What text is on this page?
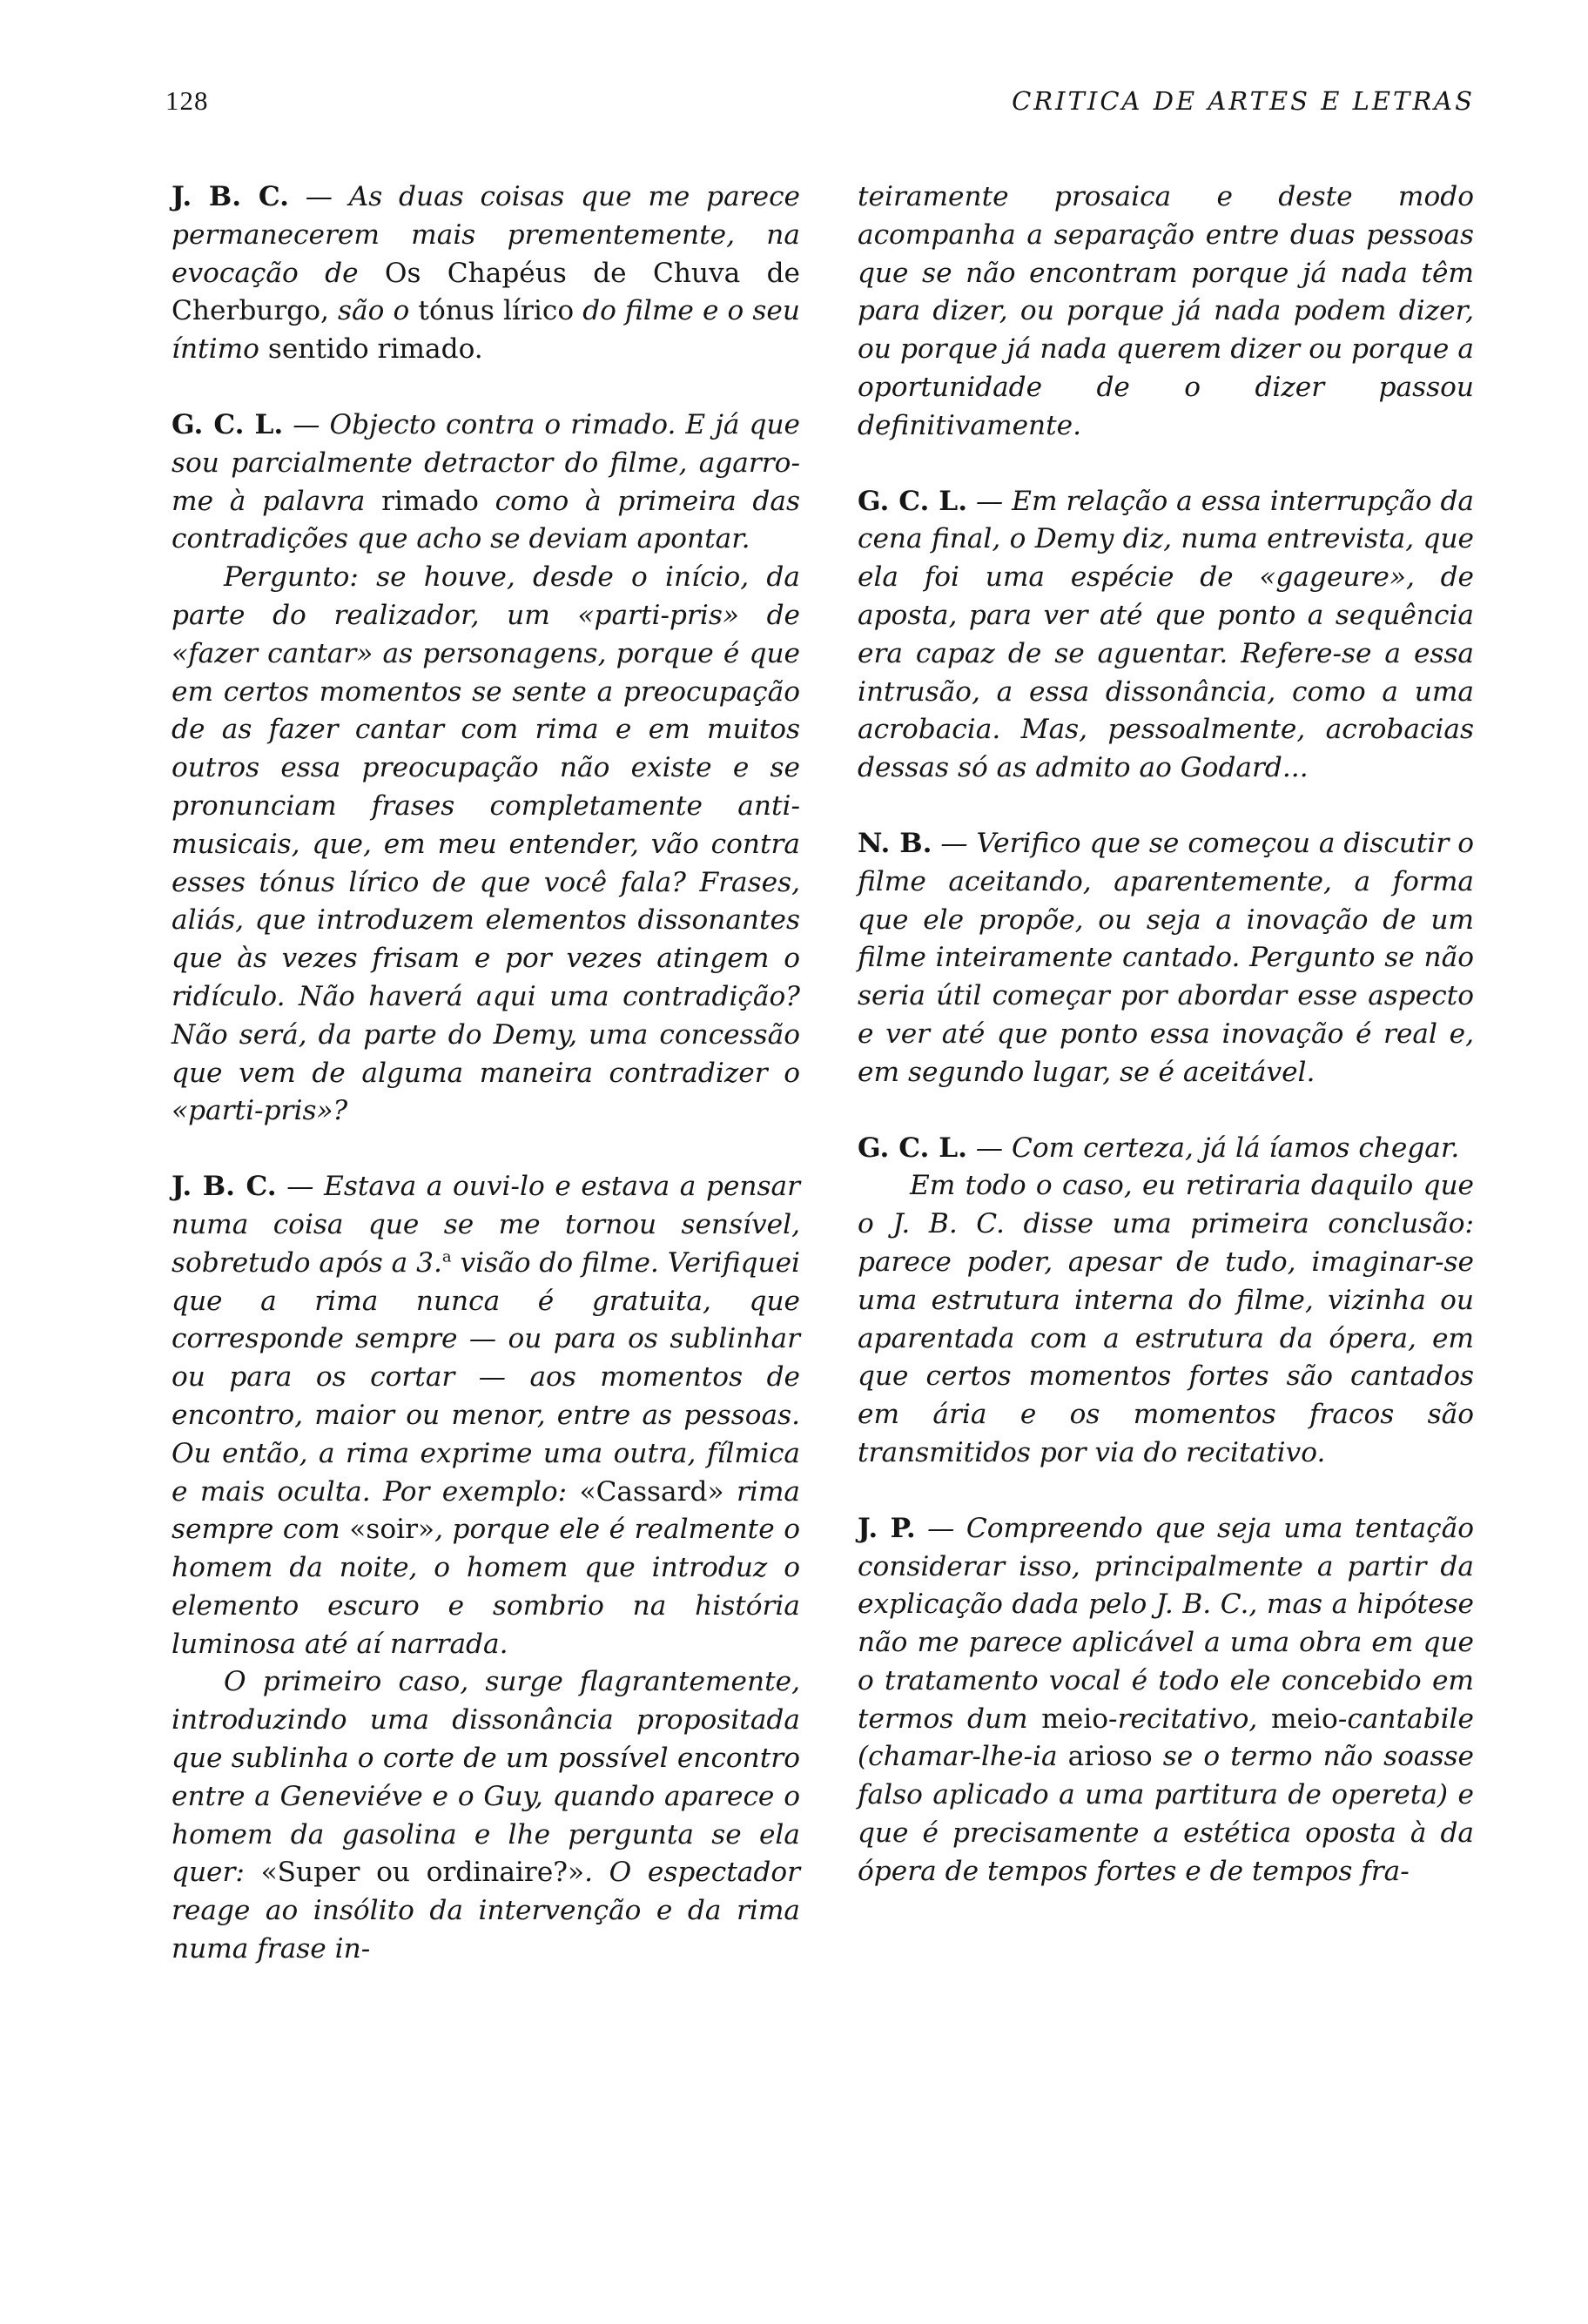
128	CRITICA DE ARTES E LETRAS

J. B. C. — As duas coisas que me parece permanecerem mais prementemente, na evocação de Os Chapéus de Chuva de Cherburgo, são o tónus lírico do filme e o seu íntimo sentido rimado.

G. C. L. — Objecto contra o rimado. E já que sou parcialmente detractor do filme, agarro-me à palavra rimado como à primeira das contradições que acho se deviam apontar.

Pergunto: se houve, desde o início, da parte do realizador, um «parti-pris» de «fazer cantar» as personagens, porque é que em certos momentos se sente a preocupação de as fazer cantar com rima e em muitos outros essa preocupação não existe e se pronunciam frases completamente anti-musicais, que, em meu entender, vão contra esses tónus lírico de que você fala? Frases, aliás, que introduzem elementos dissonantes que às vezes frisam e por vezes atingem o ridículo. Não haverá aqui uma contradição? Não será, da parte do Demy, uma concessão que vem de alguma maneira contradizer o «parti-pris»?

J. B. C. — Estava a ouvi-lo e estava a pensar numa coisa que se me tornou sensível, sobretudo após a 3.$^a$ visão do filme. Verifiquei que a rima nunca é gratuita, que corresponde sempre — ou para os sublinhar ou para os cortar — aos momentos de encontro, maior ou menor, entre as pessoas. Ou então, a rima exprime uma outra, fílmica e mais oculta. Por exemplo: «Cassard» rima sempre com «soir», porque ele é realmente o homem da noite, o homem que introduz o elemento escuro e sombrio na história luminosa até aí narrada.

O primeiro caso, surge flagrantemente, introduzindo uma dissonância propositada que sublinha o corte de um possível encontro entre a Geneviéve e o Guy, quando aparece o homem da gasolina e lhe pergunta se ela quer: «Super ou ordinaire?». O espectador reage ao insólito da intervenção e da rima numa frase in-

teiramente prosaica e deste modo acompanha a separação entre duas pessoas que se não encontram porque já nada têm para dizer, ou porque já nada podem dizer, ou porque já nada querem dizer ou porque a oportunidade de o dizer passou definitivamente.

G. C. L. — Em relação a essa interrupção da cena final, o Demy diz, numa entrevista, que ela foi uma espécie de «gageure», de aposta, para ver até que ponto a sequência era capaz de se aguentar. Refere-se a essa intrusão, a essa dissonância, como a uma acrobacia. Mas, pessoalmente, acrobacias dessas só as admito ao Godard...

N. B. — Verifico que se começou a discutir o filme aceitando, aparentemente, a forma que ele propõe, ou seja a inovação de um filme inteiramente cantado. Pergunto se não seria útil começar por abordar esse aspecto e ver até que ponto essa inovação é real e, em segundo lugar, se é aceitável.

G. C. L. — Com certeza, já lá íamos chegar.

Em todo o caso, eu retiraria daquilo que o J. B. C. disse uma primeira conclusão: parece poder, apesar de tudo, imaginar-se uma estrutura interna do filme, vizinha ou aparentada com a estrutura da ópera, em que certos momentos fortes são cantados em ária e os momentos fracos são transmitidos por via do recitativo.

J. P. — Compreendo que seja uma tentação considerar isso, principalmente a partir da explicação dada pelo J. B. C., mas a hipótese não me parece aplicável a uma obra em que o tratamento vocal é todo ele concebido em termos dum meio-recitativo, meio-cantabile (chamar-lhe-ia arioso se o termo não soasse falso aplicado a uma partitura de opereta) e que é precisamente a estética oposta à da ópera de tempos fortes e de tempos fra-
